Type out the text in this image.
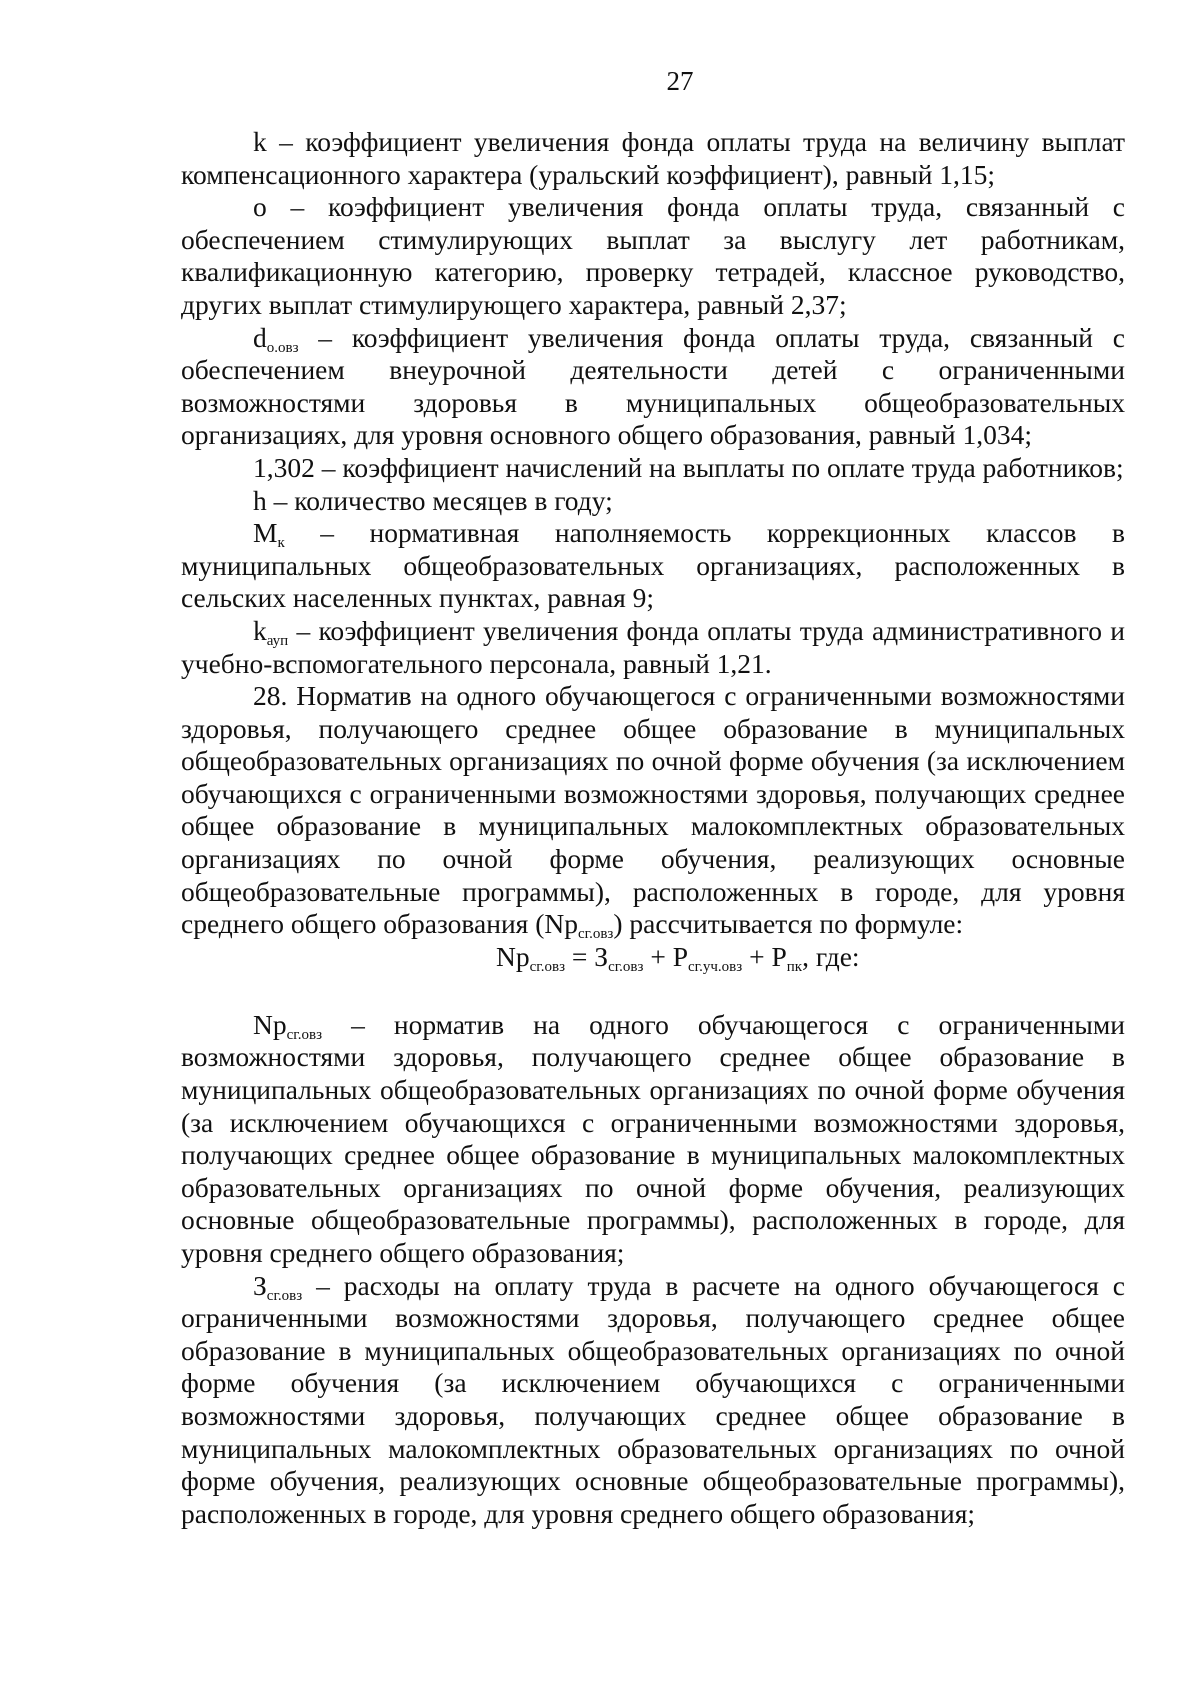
27

k – коэффициент увеличения фонда оплаты труда на величину выплат компенсационного характера (уральский коэффициент), равный 1,15;

о – коэффициент увеличения фонда оплаты труда, связанный с обеспечением стимулирующих выплат за выслугу лет работникам, квалификационную категорию, проверку тетрадей, классное руководство, других выплат стимулирующего характера, равный 2,37;

$d_{о.овз}$ – коэффициент увеличения фонда оплаты труда, связанный с обеспечением внеурочной деятельности детей с ограниченными возможностями здоровья в муниципальных общеобразовательных организациях, для уровня основного общего образования, равный 1,034;

1,302 – коэффициент начислений на выплаты по оплате труда работников;

h – количество месяцев в году;

$М_к$ – нормативная наполняемость коррекционных классов в муниципальных общеобразовательных организациях, расположенных в сельских населенных пунктах, равная 9;

$k_{ауп}$ – коэффициент увеличения фонда оплаты труда административного и учебно-вспомогательного персонала, равный 1,21.

28. Норматив на одного обучающегося с ограниченными возможностями здоровья, получающего среднее общее образование в муниципальных общеобразовательных организациях по очной форме обучения (за исключением обучающихся с ограниченными возможностями здоровья, получающих среднее общее образование в муниципальных малокомплектных образовательных организациях по очной форме обучения, реализующих основные общеобразовательные программы), расположенных в городе, для уровня среднего общего образования $(Nр_{сг.овз})$ рассчитывается по формуле:

$Nр_{сг.овз} = З_{сг.овз} + Р_{сг.уч.овз} + Р_{пк}$, где:

$Nр_{сг.овз}$ – норматив на одного обучающегося с ограниченными возможностями здоровья, получающего среднее общее образование в муниципальных общеобразовательных организациях по очной форме обучения (за исключением обучающихся с ограниченными возможностями здоровья, получающих среднее общее образование в муниципальных малокомплектных образовательных организациях по очной форме обучения, реализующих основные общеобразовательные программы), расположенных в городе, для уровня среднего общего образования;

$З_{сг.овз}$ – расходы на оплату труда в расчете на одного обучающегося с ограниченными возможностями здоровья, получающего среднее общее образование в муниципальных общеобразовательных организациях по очной форме обучения (за исключением обучающихся с ограниченными возможностями здоровья, получающих среднее общее образование в муниципальных малокомплектных образовательных организациях по очной форме обучения, реализующих основные общеобразовательные программы), расположенных в городе, для уровня среднего общего образования;
